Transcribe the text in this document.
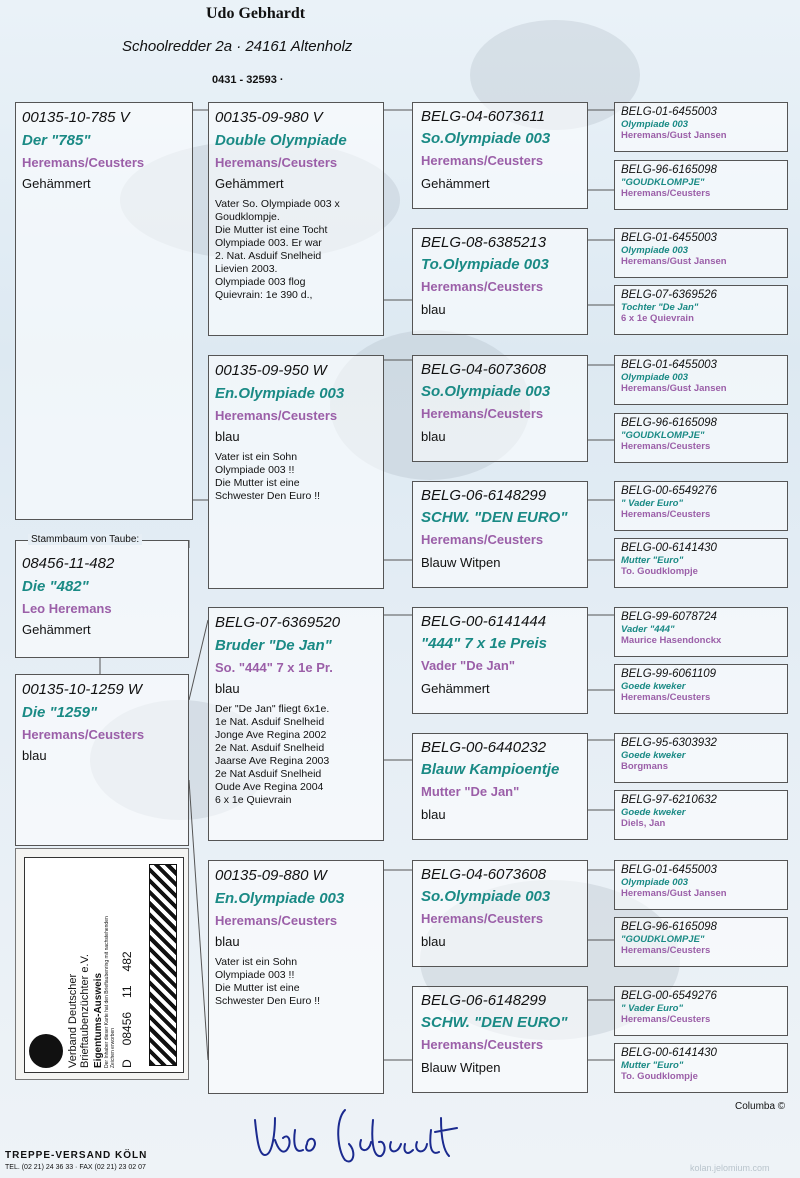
Udo Gebhardt
Schoolredder 2a · 24161 Altenholz
0431 - 32593 ·
00135-10-785 V
Der "785"
Heremans/Ceusters
Gehämmert
Stammbaum von Taube:
08456-11-482
Die "482"
Leo Heremans
Gehämmert
00135-10-1259 W
Die "1259"
Heremans/Ceusters
blau
Verband Deutscher Brieftaubenzüchter e.V. Eigentums-Ausweis Der Inhaber dieser Karte hat den Brieftaubenring mit nachstehenden Zeichen erworben D
08456
11
482
00135-09-980 V
Double Olympiade
Heremans/Ceusters
Gehämmert
Vater So. Olympiade 003 x
Goudklompje.
Die Mutter ist eine Tocht
Olympiade 003. Er war
2. Nat. Asduif Snelheid
Lievien 2003.
Olympiade 003 flog
Quievrain: 1e 390 d.,
00135-09-950 W
En.Olympiade 003
Heremans/Ceusters
blau
Vater ist ein Sohn
Olympiade 003 !!
Die Mutter ist eine
Schwester Den Euro !!
BELG-07-6369520
Bruder "De Jan"
So. "444" 7 x 1e Pr.
blau
Der "De Jan" fliegt 6x1e.
1e Nat. Asduif Snelheid
Jonge Ave Regina 2002
2e Nat. Asduif Snelheid
Jaarse Ave Regina 2003
2e Nat Asduif Snelheid
Oude Ave Regina 2004
6 x 1e Quievrain
00135-09-880 W
En.Olympiade 003
Heremans/Ceusters
blau
Vater ist ein Sohn
Olympiade 003 !!
Die Mutter ist eine
Schwester Den Euro !!
BELG-04-6073611
So.Olympiade 003
Heremans/Ceusters
Gehämmert
BELG-08-6385213
To.Olympiade 003
Heremans/Ceusters
blau
BELG-04-6073608
So.Olympiade 003
Heremans/Ceusters
blau
BELG-06-6148299
SCHW. "DEN EURO"
Heremans/Ceusters
Blauw Witpen
BELG-00-6141444
"444" 7 x 1e Preis
Vader "De Jan"
Gehämmert
BELG-00-6440232
Blauw Kampioentje
Mutter "De Jan"
blau
BELG-04-6073608
So.Olympiade 003
Heremans/Ceusters
blau
BELG-06-6148299
SCHW. "DEN EURO"
Heremans/Ceusters
Blauw Witpen
BELG-01-6455003
Olympiade 003
Heremans/Gust Jansen
BELG-96-6165098
"GOUDKLOMPJE"
Heremans/Ceusters
BELG-01-6455003
Olympiade 003
Heremans/Gust Jansen
BELG-07-6369526
Tochter "De Jan"
6 x 1e Quievrain
BELG-01-6455003
Olympiade 003
Heremans/Gust Jansen
BELG-96-6165098
"GOUDKLOMPJE"
Heremans/Ceusters
BELG-00-6549276
" Vader Euro"
Heremans/Ceusters
BELG-00-6141430
Mutter "Euro"
To. Goudklompje
BELG-99-6078724
Vader "444"
Maurice Hasendonckx
BELG-99-6061109
Goede kweker
Heremans/Ceusters
BELG-95-6303932
Goede kweker
Borgmans
BELG-97-6210632
Goede kweker
Diels, Jan
BELG-01-6455003
Olympiade 003
Heremans/Gust Jansen
BELG-96-6165098
"GOUDKLOMPJE"
Heremans/Ceusters
BELG-00-6549276
" Vader Euro"
Heremans/Ceusters
BELG-00-6141430
Mutter "Euro"
To. Goudklompje
Columba ©
TREPPE-VERSAND KÖLN
TEL. (02 21) 24 36 33 · FAX (02 21) 23 02 07	kolan.jelomium.com
